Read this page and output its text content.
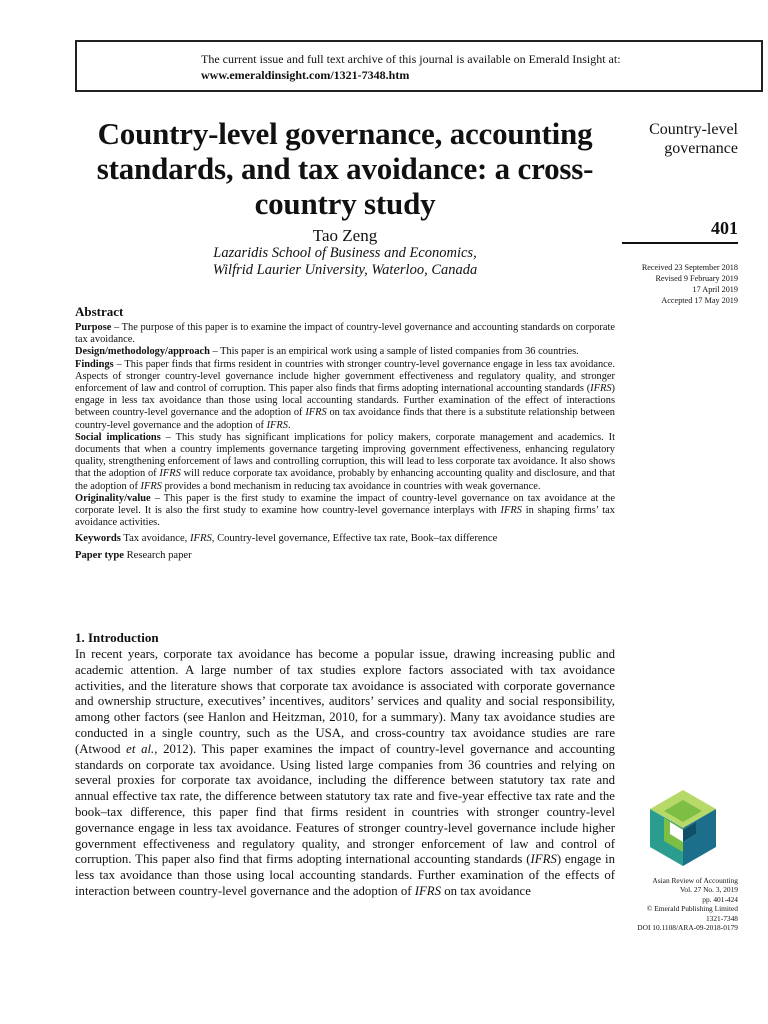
The current issue and full text archive of this journal is available on Emerald Insight at:
www.emeraldinsight.com/1321-7348.htm
Country-level governance, accounting standards, and tax avoidance: a cross-country study
Tao Zeng
Lazaridis School of Business and Economics,
Wilfrid Laurier University, Waterloo, Canada
Country-level
governance
401
Received 23 September 2018
Revised 9 February 2019
17 April 2019
Accepted 17 May 2019
Abstract

Purpose – The purpose of this paper is to examine the impact of country-level governance and accounting standards on corporate tax avoidance.

Design/methodology/approach – This paper is an empirical work using a sample of listed companies from 36 countries.

Findings – This paper finds that firms resident in countries with stronger country-level governance engage in less tax avoidance. Aspects of stronger country-level governance include higher government effectiveness and regulatory quality, and stronger enforcement of law and control of corruption. This paper also finds that firms adopting international accounting standards (IFRS) engage in less tax avoidance than those using local accounting standards. Further examination of the effect of interactions between country-level governance and the adoption of IFRS on tax avoidance finds that there is a substitute relationship between country-level governance and the adoption of IFRS.

Social implications – This study has significant implications for policy makers, corporate management and academics. It documents that when a country implements governance targeting improving government effectiveness, enhancing regulatory quality, strengthening enforcement of laws and controlling corruption, this will lead to less corporate tax avoidance. It also shows that the adoption of IFRS will reduce corporate tax avoidance, probably by enhancing accounting quality and disclosure, and that the adoption of IFRS provides a bond mechanism in reducing tax avoidance in countries with weak governance.

Originality/value – This paper is the first study to examine the impact of country-level governance on tax avoidance at the corporate level. It is also the first study to examine how country-level governance interplays with IFRS in shaping firms’ tax avoidance activities.

Keywords Tax avoidance, IFRS, Country-level governance, Effective tax rate, Book–tax difference

Paper type Research paper

1. Introduction

In recent years, corporate tax avoidance has become a popular issue, drawing increasing public and academic attention. A large number of tax studies explore factors associated with tax avoidance activities, and the literature shows that corporate tax avoidance is associated with corporate governance and ownership structure, executives’ incentives, auditors’ services and quality and social responsibility, among other factors (see Hanlon and Heitzman, 2010, for a summary). Many tax avoidance studies are conducted in a single country, such as the USA, and cross-country tax avoidance studies are rare (Atwood et al., 2012). This paper examines the impact of country-level governance and accounting standards on corporate tax avoidance. Using listed large companies from 36 countries and relying on several proxies for corporate tax avoidance, including the difference between statutory tax rate and annual effective tax rate, the difference between statutory tax rate and five-year effective tax rate and the book–tax difference, this paper find that firms resident in countries with stronger country-level governance engage in less tax avoidance. Features of stronger country-level governance include higher government effectiveness and regulatory quality, and stronger enforcement of law and control of corruption. This paper also find that firms adopting international accounting standards (IFRS) engage in less tax avoidance than those using local accounting standards. Further examination of the effects of interaction between country-level governance and the adoption of IFRS on tax avoidance

Asian Review of Accounting
Vol. 27 No. 3, 2019
pp. 401-424
© Emerald Publishing Limited
1321-7348
DOI 10.1108/ARA-09-2018-0179
